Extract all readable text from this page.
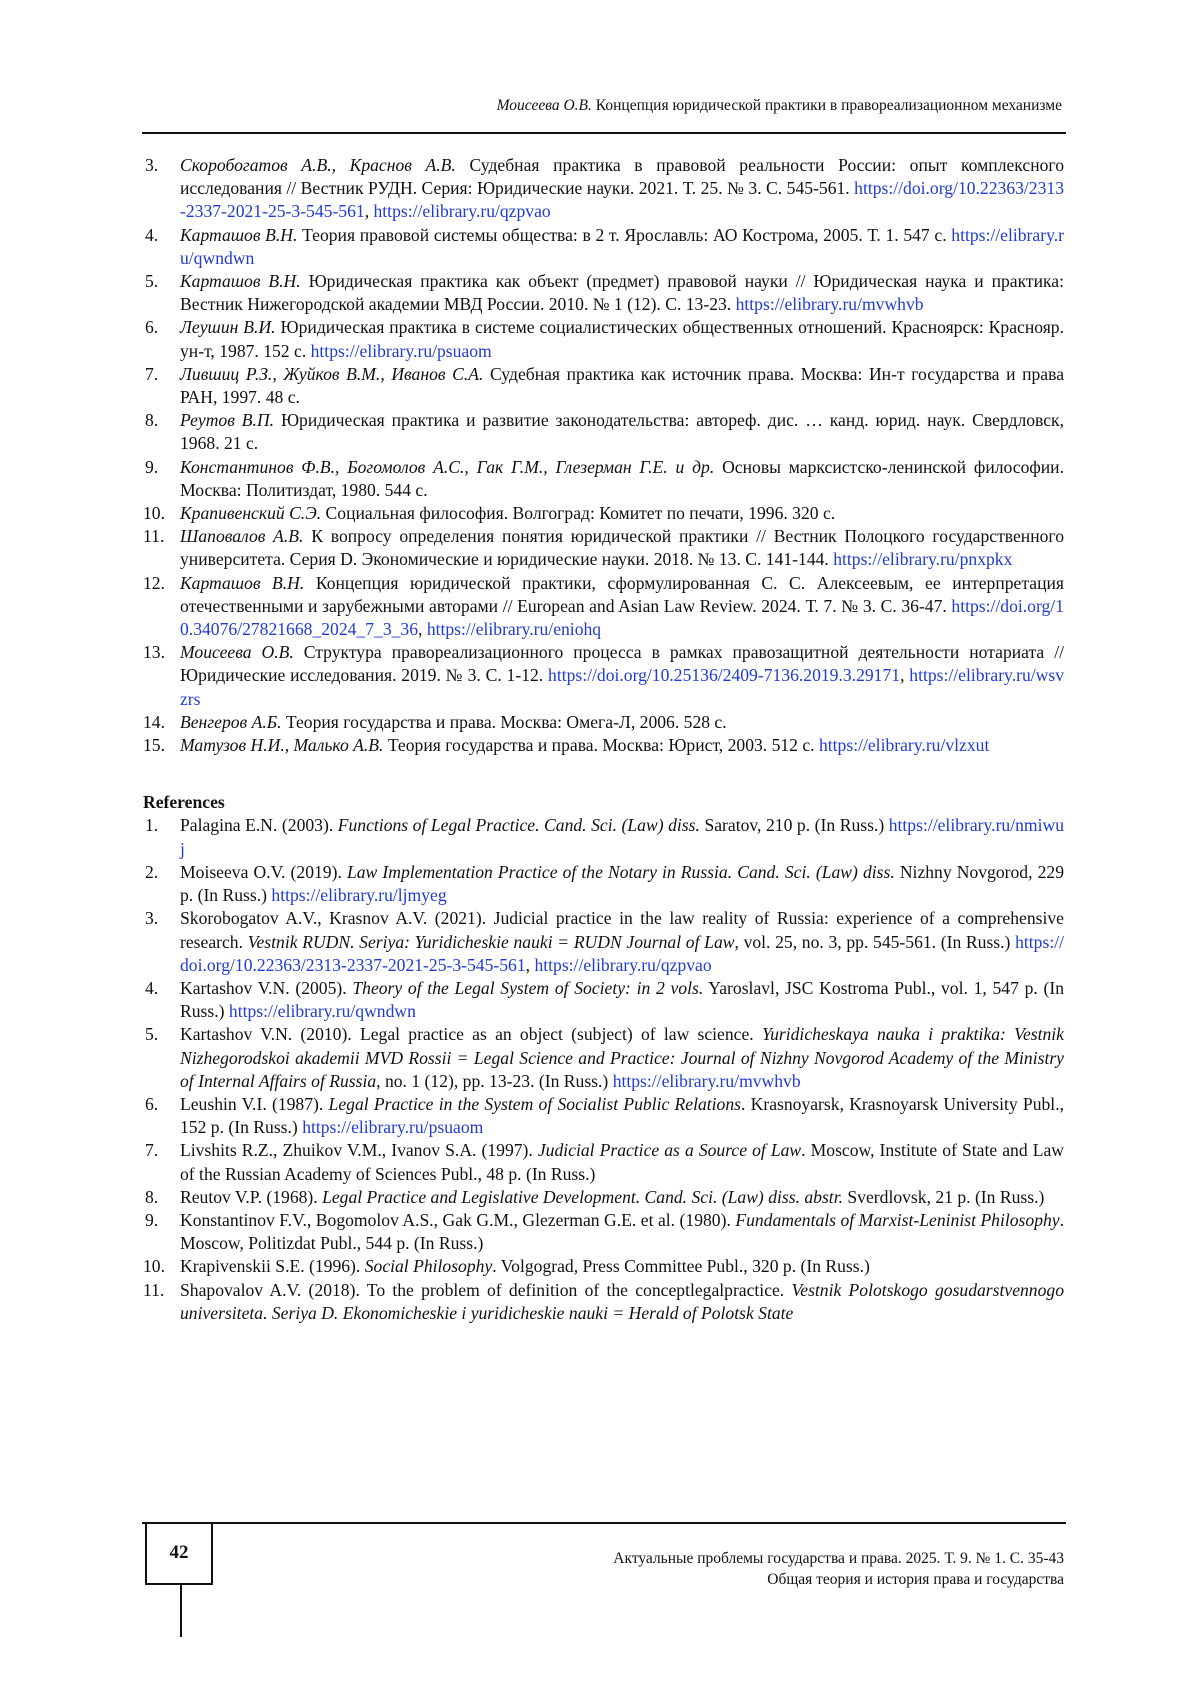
Моисеева О.В. Концепция юридической практики в правореализационном механизме
3. Скоробогатов А.В., Краснов А.В. Судебная практика в правовой реальности России: опыт комплексного исследования // Вестник РУДН. Серия: Юридические науки. 2021. Т. 25. № 3. С. 545-561. https://doi.org/10.22363/2313-2337-2021-25-3-545-561, https://elibrary.ru/qzpvao
4. Карташов В.Н. Теория правовой системы общества: в 2 т. Ярославль: АО Кострома, 2005. Т. 1. 547 с. https://elibrary.ru/qwndwn
5. Карташов В.Н. Юридическая практика как объект (предмет) правовой науки // Юридическая наука и практика: Вестник Нижегородской академии МВД России. 2010. № 1 (12). С. 13-23. https://elibrary.ru/mvwhvb
6. Леушин В.И. Юридическая практика в системе социалистических общественных отношений. Красноярск: Краснояр. ун-т, 1987. 152 с. https://elibrary.ru/psuaom
7. Лившиц Р.З., Жуйков В.М., Иванов С.А. Судебная практика как источник права. Москва: Ин-т государства и права РАН, 1997. 48 с.
8. Реутов В.П. Юридическая практика и развитие законодательства: автореф. дис. … канд. юрид. наук. Свердловск, 1968. 21 с.
9. Константинов Ф.В., Богомолов А.С., Гак Г.М., Глезерман Г.Е. и др. Основы марксистско-ленинской философии. Москва: Политиздат, 1980. 544 с.
10. Крапивенский С.Э. Социальная философия. Волгоград: Комитет по печати, 1996. 320 с.
11. Шаповалов А.В. К вопросу определения понятия юридической практики // Вестник Полоцкого государственного университета. Серия D. Экономические и юридические науки. 2018. № 13. С. 141-144. https://elibrary.ru/pnxpkx
12. Карташов В.Н. Концепция юридической практики, сформулированная С. С. Алексеевым, ее интерпретация отечественными и зарубежными авторами // European and Asian Law Review. 2024. Т. 7. № 3. С. 36-47. https://doi.org/10.34076/27821668_2024_7_3_36, https://elibrary.ru/eniohq
13. Моисеева О.В. Структура правореализационного процесса в рамках правозащитной деятельности нотариата // Юридические исследования. 2019. № 3. С. 1-12. https://doi.org/10.25136/2409-7136.2019.3.29171, https://elibrary.ru/wsvzrs
14. Венгеров А.Б. Теория государства и права. Москва: Омега-Л, 2006. 528 с.
15. Матузов Н.И., Малько А.В. Теория государства и права. Москва: Юрист, 2003. 512 с. https://elibrary.ru/vlzxut
References
1. Palagina E.N. (2003). Functions of Legal Practice. Cand. Sci. (Law) diss. Saratov, 210 p. (In Russ.) https://elibrary.ru/nmiwuj
2. Moiseeva O.V. (2019). Law Implementation Practice of the Notary in Russia. Cand. Sci. (Law) diss. Nizhny Novgorod, 229 p. (In Russ.) https://elibrary.ru/ljmyeg
3. Skorobogatov A.V., Krasnov A.V. (2021). Judicial practice in the law reality of Russia: experience of a comprehensive research. Vestnik RUDN. Seriya: Yuridicheskie nauki = RUDN Journal of Law, vol. 25, no. 3, pp. 545-561. (In Russ.) https://doi.org/10.22363/2313-2337-2021-25-3-545-561, https://elibrary.ru/qzpvao
4. Kartashov V.N. (2005). Theory of the Legal System of Society: in 2 vols. Yaroslavl, JSC Kostroma Publ., vol. 1, 547 p. (In Russ.) https://elibrary.ru/qwndwn
5. Kartashov V.N. (2010). Legal practice as an object (subject) of law science. Yuridicheskaya nauka i praktika: Vestnik Nizhegorodskoi akademii MVD Rossii = Legal Science and Practice: Journal of Nizhny Novgorod Academy of the Ministry of Internal Affairs of Russia, no. 1 (12), pp. 13-23. (In Russ.) https://elibrary.ru/mvwhvb
6. Leushin V.I. (1987). Legal Practice in the System of Socialist Public Relations. Krasnoyarsk, Krasnoyarsk University Publ., 152 p. (In Russ.) https://elibrary.ru/psuaom
7. Livshits R.Z., Zhuikov V.M., Ivanov S.A. (1997). Judicial Practice as a Source of Law. Moscow, Institute of State and Law of the Russian Academy of Sciences Publ., 48 p. (In Russ.)
8. Reutov V.P. (1968). Legal Practice and Legislative Development. Cand. Sci. (Law) diss. abstr. Sverdlovsk, 21 p. (In Russ.)
9. Konstantinov F.V., Bogomolov A.S., Gak G.M., Glezerman G.E. et al. (1980). Fundamentals of Marxist-Leninist Philosophy. Moscow, Politizdat Publ., 544 p. (In Russ.)
10. Krapivenskii S.E. (1996). Social Philosophy. Volgograd, Press Committee Publ., 320 p. (In Russ.)
11. Shapovalov A.V. (2018). To the problem of definition of the conceptlegalpractice. Vestnik Polotskogo gosudarstvennogo universiteta. Seriya D. Ekonomicheskie i yuridicheskie nauki = Herald of Polotsk State
42	Актуальные проблемы государства и права. 2025. Т. 9. № 1. С. 35-43
Общая теория и история права и государства
